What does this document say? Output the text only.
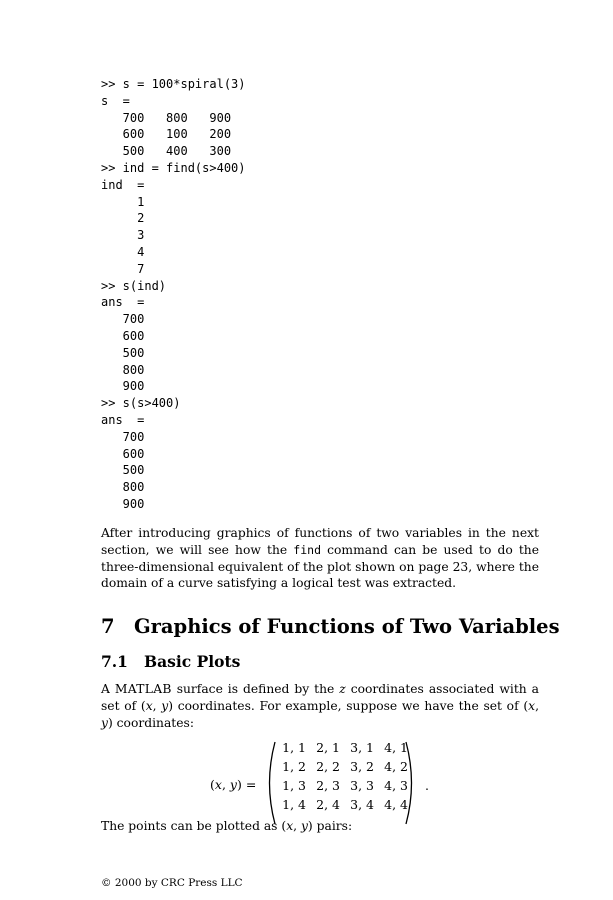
>> s = 100*spiral(3)
s  =
700   800   900
600   100   200
500   400   300
>> ind = find(s>400)
ind  =
1
2
3
4
7
>> s(ind)
ans  =
700
600
500
800
900
>> s(s>400)
ans  =
700
600
500
800
900

After introducing graphics of functions of two variables in the next section, we will see how the find command can be used to do the three-dimensional equivalent of the plot shown on page 23, where the domain of a curve satisfying a logical test was extracted.

7 Graphics of Functions of Two Variables
7.1 Basic Plots

A MATLAB surface is defined by the z coordinates associated with a set of (x, y) coordinates. For example, suppose we have the set of (x, y) coordinates:

(x, y) =
1, 1 2, 1 3, 1 4, 1
1, 2 2, 2 3, 2 4, 2
1, 3 2, 3 3, 3 4, 3
1, 4 2, 4 3, 4 4, 4
.

The points can be plotted as (x, y) pairs:

© 2000 by CRC Press LLC
